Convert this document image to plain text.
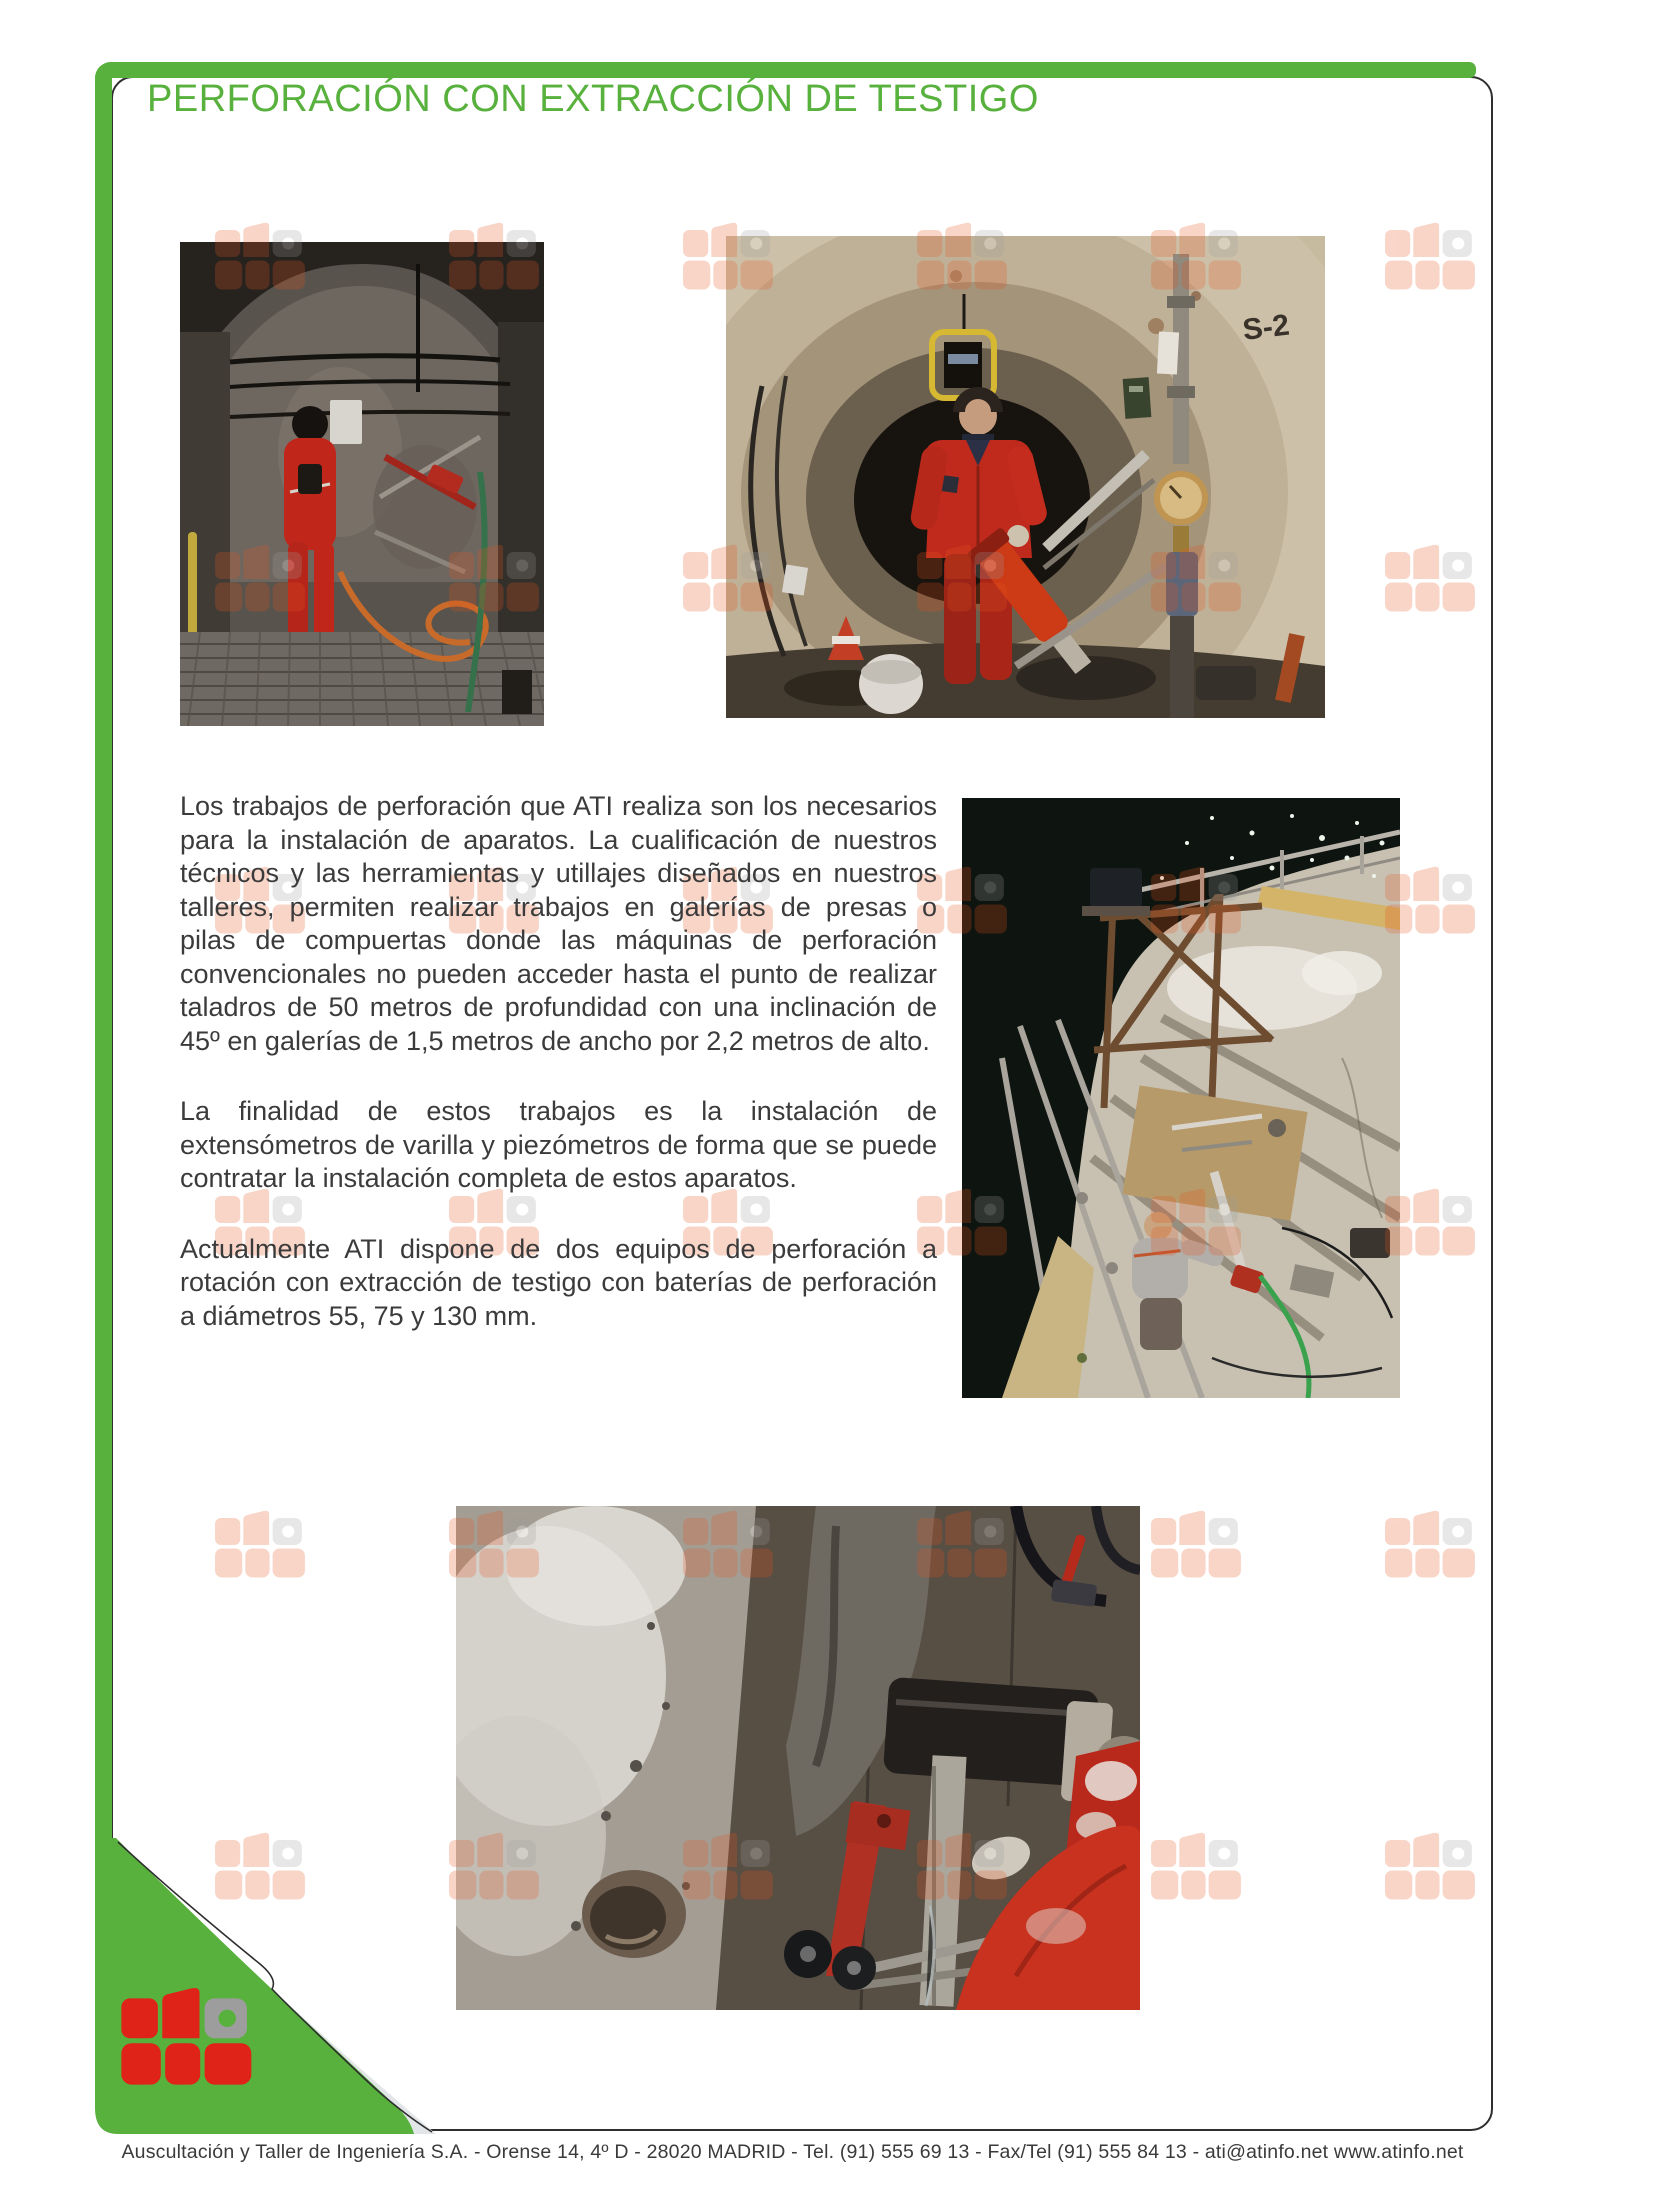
PERFORACIÓN CON EXTRACCIÓN DE TESTIGO
S-2

Los trabajos de perforación que ATI realiza son los necesarios para la instalación de aparatos. La cualificación de nuestros técnicos y las herramientas y utillajes diseñados en nuestros talleres, permiten realizar trabajos en galerías de presas o pilas de compuertas donde las máquinas de perforación convencionales no pueden acceder hasta el punto de realizar taladros de 50 metros de profundidad con una inclinación de 45º en galerías de 1,5 metros de ancho por 2,2 metros de alto.

La finalidad de estos trabajos es la instalación de extensómetros de varilla y piezómetros de forma que se puede contratar la instalación completa de estos aparatos.

Actualmente ATI dispone de dos equipos de perforación a rotación con extracción de testigo con baterías de perforación a diámetros 55, 75 y 130 mm.

Auscultación y Taller de Ingeniería S.A. - Orense 14, 4º D - 28020 MADRID - Tel. (91) 555 69 13 - Fax/Tel (91) 555 84 13 - ati@atinfo.net www.atinfo.net
